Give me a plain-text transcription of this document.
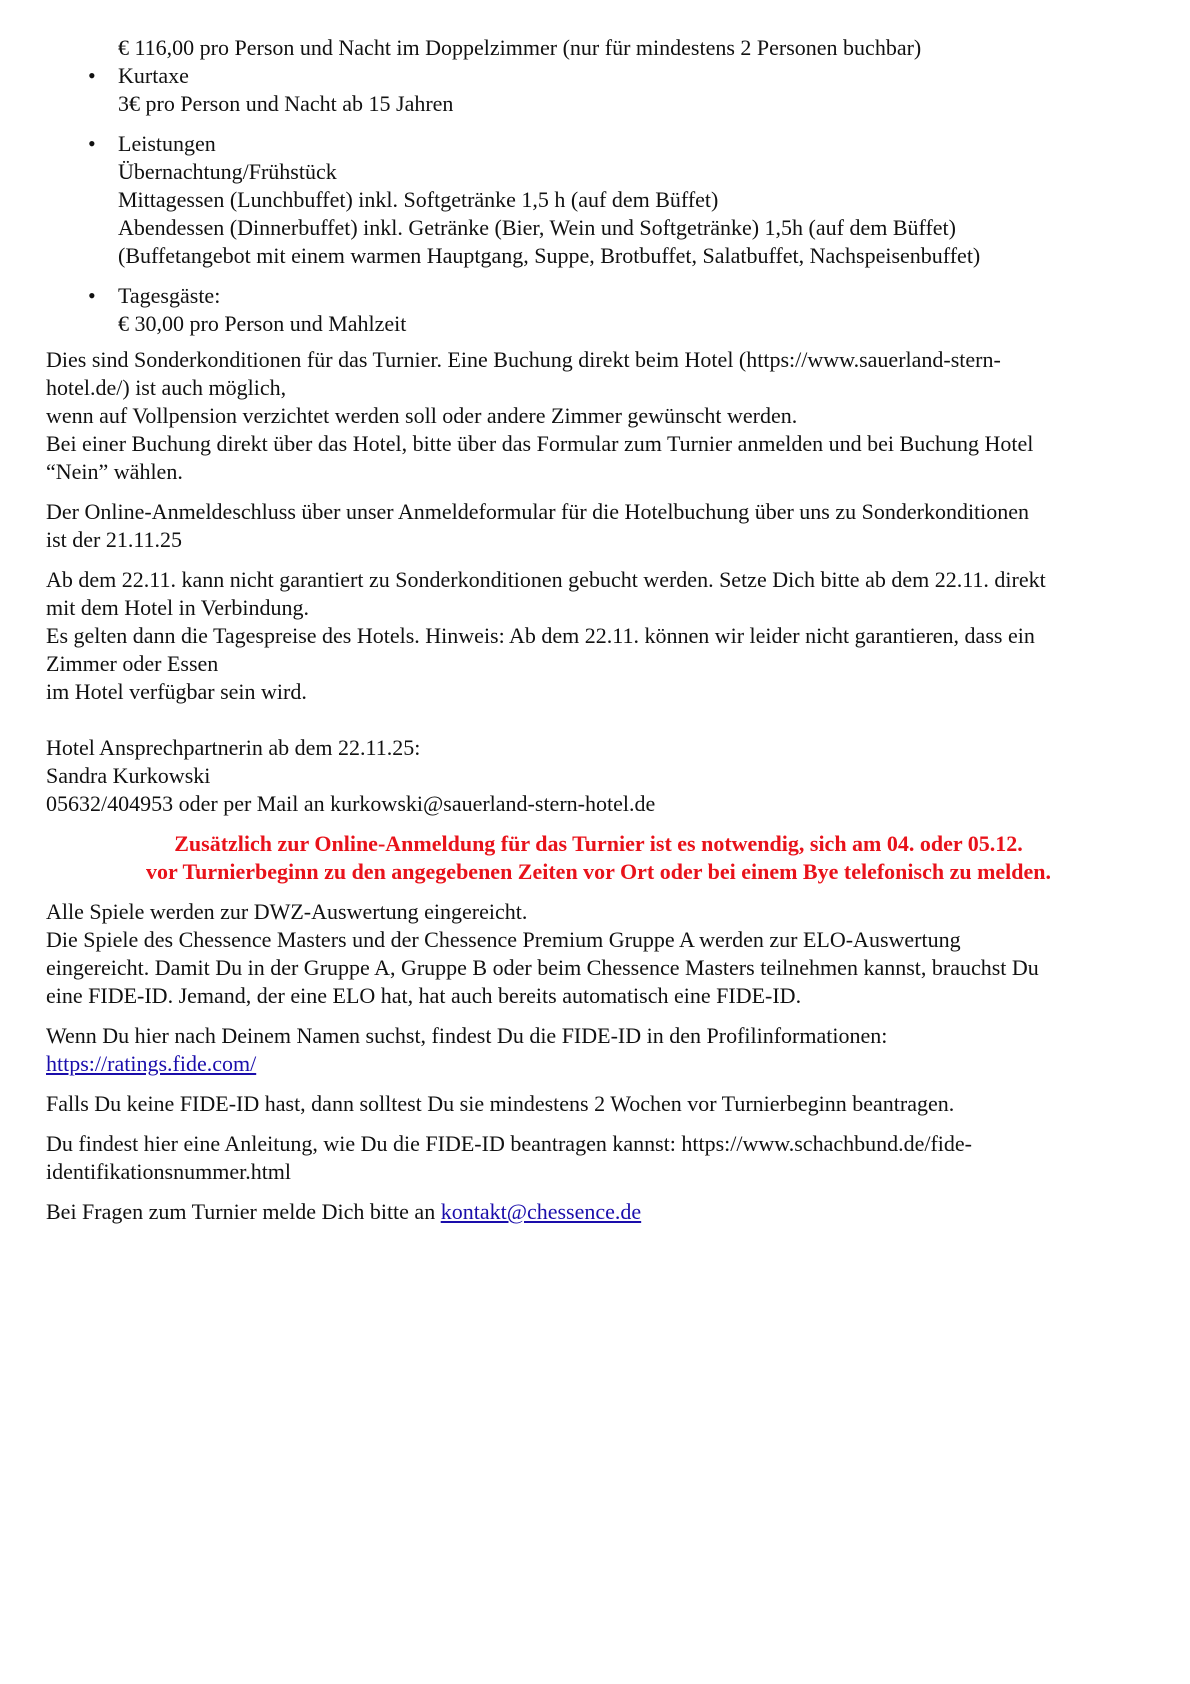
€ 116,00 pro Person und Nacht im Doppelzimmer (nur für mindestens 2 Personen buchbar)
• Kurtaxe
3€ pro Person und Nacht ab 15 Jahren
• Leistungen
Übernachtung/Frühstück
Mittagessen (Lunchbuffet) inkl. Softgetränke 1,5 h (auf dem Büffet)
Abendessen (Dinnerbuffet) inkl. Getränke (Bier, Wein und Softgetränke) 1,5h (auf dem Büffet)
(Buffetangebot mit einem warmen Hauptgang, Suppe, Brotbuffet, Salatbuffet, Nachspeisenbuffet)
• Tagesgäste:
€ 30,00 pro Person und Mahlzeit

Dies sind Sonderkonditionen für das Turnier. Eine Buchung direkt beim Hotel (https://www.sauerland-stern-
hotel.de/) ist auch möglich,
wenn auf Vollpension verzichtet werden soll oder andere Zimmer gewünscht werden.
Bei einer Buchung direkt über das Hotel, bitte über das Formular zum Turnier anmelden und bei Buchung Hotel
“Nein” wählen.

Der Online-Anmeldeschluss über unser Anmeldeformular für die Hotelbuchung über uns zu Sonderkonditionen
ist der 21.11.25

Ab dem 22.11. kann nicht garantiert zu Sonderkonditionen gebucht werden. Setze Dich bitte ab dem 22.11. direkt
mit dem Hotel in Verbindung.
Es gelten dann die Tagespreise des Hotels. Hinweis: Ab dem 22.11. können wir leider nicht garantieren, dass ein
Zimmer oder Essen
im Hotel verfügbar sein wird.
Hotel Ansprechpartnerin ab dem 22.11.25:
Sandra Kurkowski
05632/404953 oder per Mail an kurkowski@sauerland-stern-hotel.de

Zusätzlich zur Online-Anmeldung für das Turnier ist es notwendig, sich am 04. oder 05.12.
vor Turnierbeginn zu den angegebenen Zeiten vor Ort oder bei einem Bye telefonisch zu melden.

Alle Spiele werden zur DWZ-Auswertung eingereicht.
Die Spiele des Chessence Masters und der Chessence Premium Gruppe A werden zur ELO-Auswertung
eingereicht. Damit Du in der Gruppe A, Gruppe B oder beim Chessence Masters teilnehmen kannst, brauchst Du
eine FIDE-ID. Jemand, der eine ELO hat, hat auch bereits automatisch eine FIDE-ID.

Wenn Du hier nach Deinem Namen suchst, findest Du die FIDE-ID in den Profilinformationen:
https://ratings.fide.com/

Falls Du keine FIDE-ID hast, dann solltest Du sie mindestens 2 Wochen vor Turnierbeginn beantragen.

Du findest hier eine Anleitung, wie Du die FIDE-ID beantragen kannst: https://www.schachbund.de/fide-
identifikationsnummer.html

Bei Fragen zum Turnier melde Dich bitte an kontakt@chessence.de
